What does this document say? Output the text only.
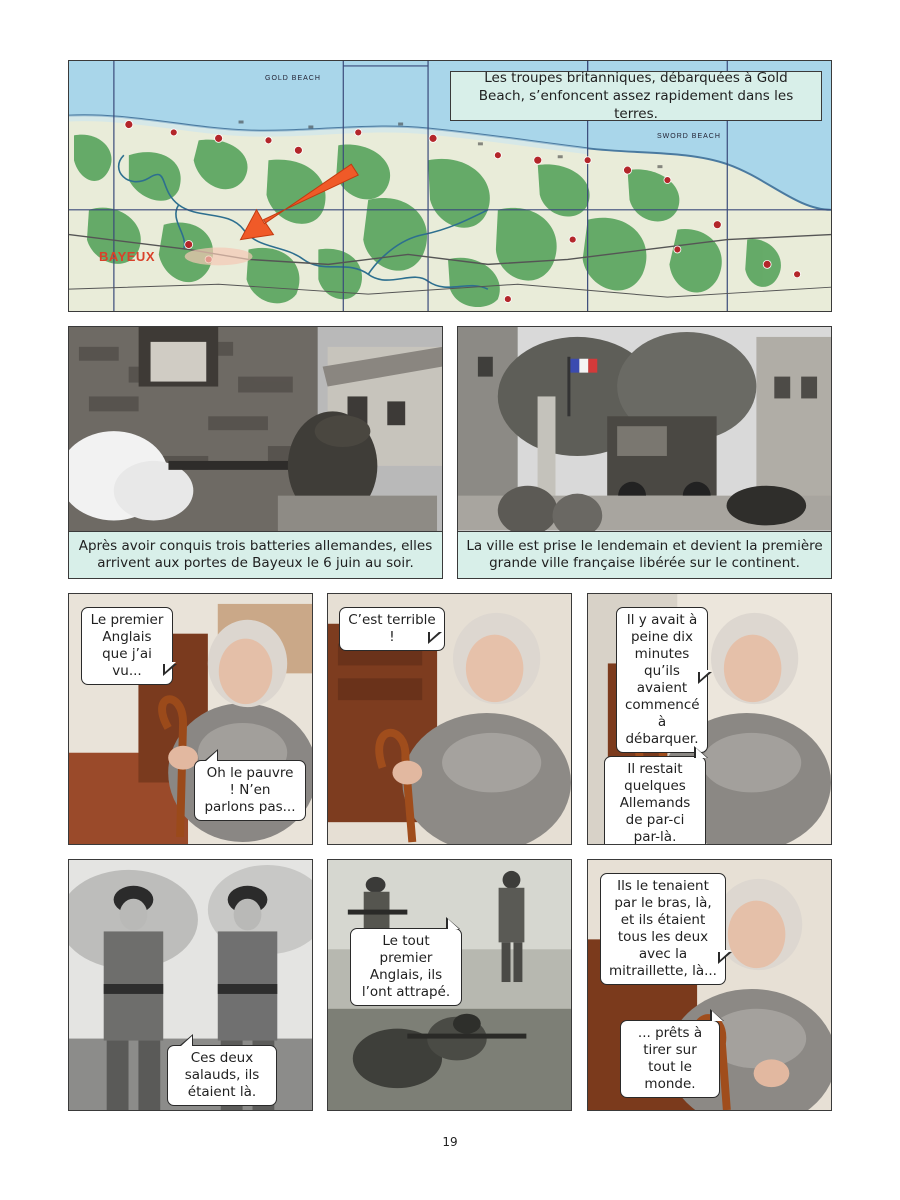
GOLD BEACH
SWORD BEACH
BAYEUX
Les troupes britanniques, débarquées à Gold Beach, s’enfoncent assez rapidement dans les terres.
Après avoir conquis trois batteries allemandes, elles arrivent aux portes de Bayeux le 6 juin au soir.
La ville est prise le lendemain et devient la première grande ville française libérée sur le continent.
Le premier Anglais que j’ai vu...
Oh le pauvre ! N’en parlons pas...
C’est terrible !
Il y avait à peine dix minutes qu’ils avaient commencé à débarquer.
Il restait quelques Allemands de par-ci par-là.
Ces deux salauds, ils étaient là.
Le tout premier Anglais, ils l’ont attrapé.
Ils le tenaient par le bras, là, et ils étaient tous les deux avec la mitraillette, là...
... prêts à tirer sur tout le monde.
19
